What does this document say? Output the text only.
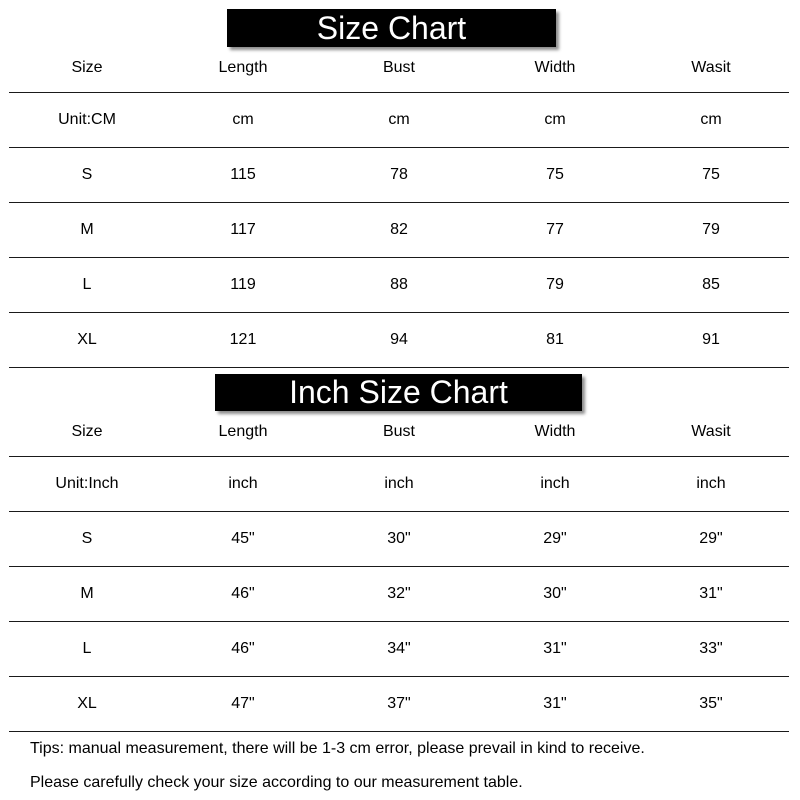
Size Chart
Size	Length	Bust	Width	Wasit
Unit:CM	cm	cm	cm	cm
S	115	78	75	75
M	117	82	77	79
L	119	88	79	85
XL	121	94	81	91
Inch Size Chart
Size	Length	Bust	Width	Wasit
Unit:Inch	inch	inch	inch	inch
S	45"	30"	29"	29"
M	46"	32"	30"	31"
L	46"	34"	31"	33"
XL	47"	37"	31"	35"
Tips: manual measurement, there will be 1-3 cm error, please prevail in kind to receive.
Please carefully check your size according to our measurement table.
